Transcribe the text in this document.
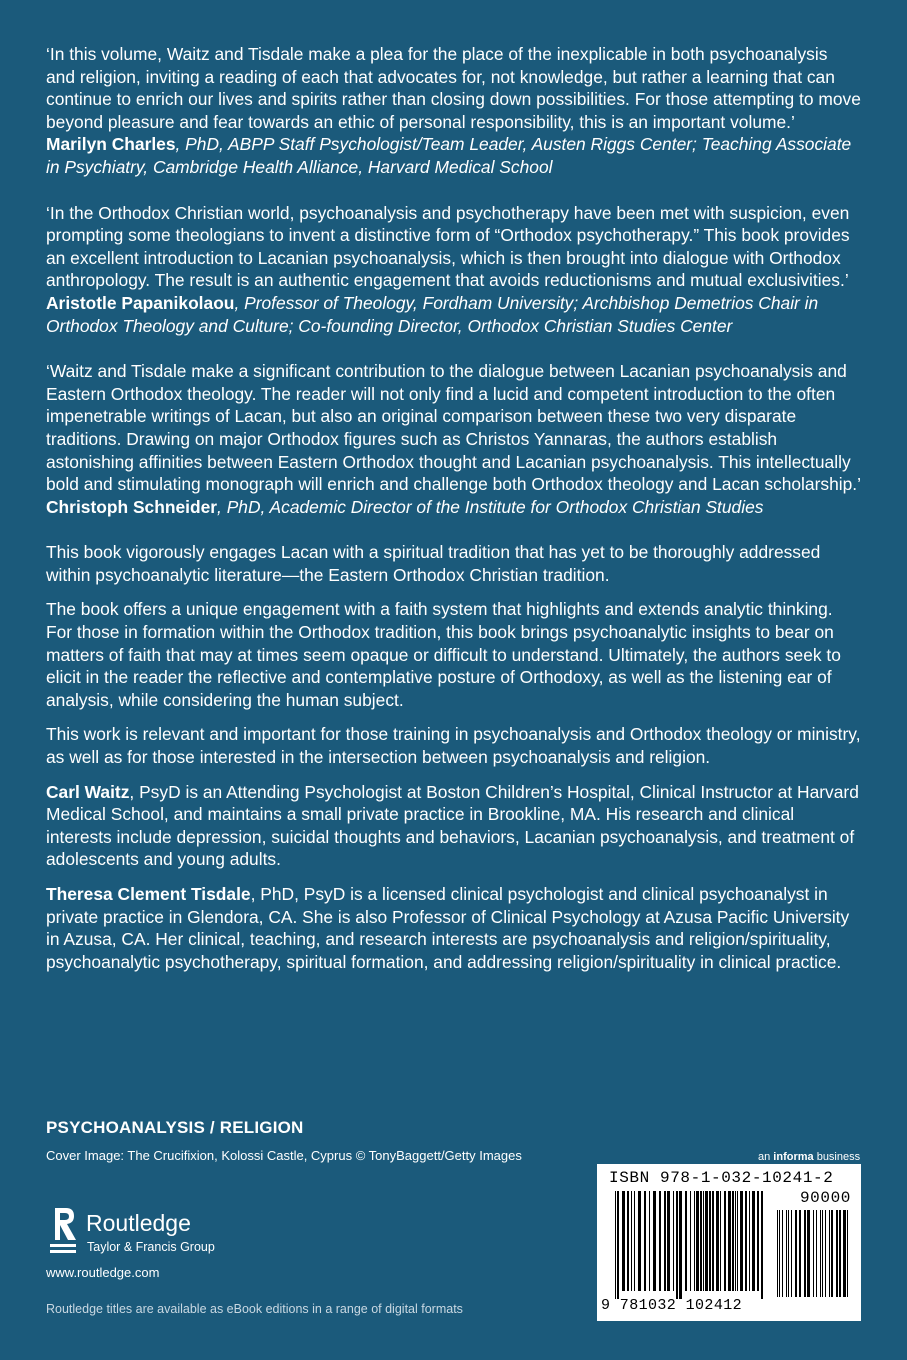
‘In this volume, Waitz and Tisdale make a plea for the place of the inexplicable in both psychoanalysis and religion, inviting a reading of each that advocates for, not knowledge, but rather a learning that can continue to enrich our lives and spirits rather than closing down possibilities. For those attempting to move beyond pleasure and fear towards an ethic of personal responsibility, this is an important volume.’

Marilyn Charles, PhD, ABPP Staff Psychologist/Team Leader, Austen Riggs Center; Teaching Associate in Psychiatry, Cambridge Health Alliance, Harvard Medical School

‘In the Orthodox Christian world, psychoanalysis and psychotherapy have been met with suspicion, even prompting some theologians to invent a distinctive form of “Orthodox psychotherapy.” This book provides an excellent introduction to Lacanian psychoanalysis, which is then brought into dialogue with Orthodox anthropology. The result is an authentic engagement that avoids reductionisms and mutual exclusivities.’

Aristotle Papanikolaou, Professor of Theology, Fordham University; Archbishop Demetrios Chair in Orthodox Theology and Culture; Co-founding Director, Orthodox Christian Studies Center

‘Waitz and Tisdale make a significant contribution to the dialogue between Lacanian psychoanalysis and Eastern Orthodox theology. The reader will not only find a lucid and competent introduction to the often impenetrable writings of Lacan, but also an original comparison between these two very disparate traditions. Drawing on major Orthodox figures such as Christos Yannaras, the authors establish astonishing affinities between Eastern Orthodox thought and Lacanian psychoanalysis. This intellectually bold and stimulating monograph will enrich and challenge both Orthodox theology and Lacan scholarship.’

Christoph Schneider, PhD, Academic Director of the Institute for Orthodox Christian Studies

This book vigorously engages Lacan with a spiritual tradition that has yet to be thoroughly addressed within psychoanalytic literature—the Eastern Orthodox Christian tradition.

The book offers a unique engagement with a faith system that highlights and extends analytic thinking. For those in formation within the Orthodox tradition, this book brings psychoanalytic insights to bear on matters of faith that may at times seem opaque or difficult to understand. Ultimately, the authors seek to elicit in the reader the reflective and contemplative posture of Orthodoxy, as well as the listening ear of analysis, while considering the human subject.

This work is relevant and important for those training in psychoanalysis and Orthodox theology or ministry, as well as for those interested in the intersection between psychoanalysis and religion.

Carl Waitz, PsyD is an Attending Psychologist at Boston Children’s Hospital, Clinical Instructor at Harvard Medical School, and maintains a small private practice in Brookline, MA. His research and clinical interests include depression, suicidal thoughts and behaviors, Lacanian psychoanalysis, and treatment of adolescents and young adults.

Theresa Clement Tisdale, PhD, PsyD is a licensed clinical psychologist and clinical psychoanalyst in private practice in Glendora, CA. She is also Professor of Clinical Psychology at Azusa Pacific University in Azusa, CA. Her clinical, teaching, and research interests are psychoanalysis and religion/spirituality, psychoanalytic psychotherapy, spiritual formation, and addressing religion/spirituality in clinical practice.

PSYCHOANALYSIS / RELIGION
Cover Image: The Crucifixion, Kolossi Castle, Cyprus © TonyBaggett/Getty Images
Routledge
Taylor & Francis Group
www.routledge.com
Routledge titles are available as eBook editions in a range of digital formats
an informa business
ISBN 978-1-032-10241-2
90000
9 781032 102412
